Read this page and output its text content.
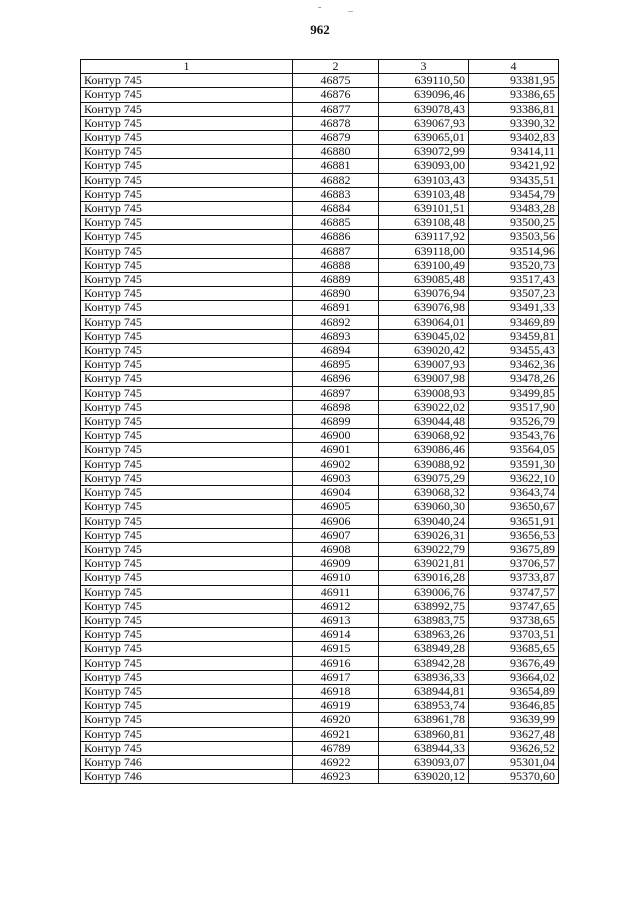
- _
962
1	2	3	4
Контур 745	46875	639110,50	93381,95
Контур 745	46876	639096,46	93386,65
Контур 745	46877	639078,43	93386,81
Контур 745	46878	639067,93	93390,32
Контур 745	46879	639065,01	93402,83
Контур 745	46880	639072,99	93414,11
Контур 745	46881	639093,00	93421,92
Контур 745	46882	639103,43	93435,51
Контур 745	46883	639103,48	93454,79
Контур 745	46884	639101,51	93483,28
Контур 745	46885	639108,48	93500,25
Контур 745	46886	639117,92	93503,56
Контур 745	46887	639118,00	93514,96
Контур 745	46888	639100,49	93520,73
Контур 745	46889	639085,48	93517,43
Контур 745	46890	639076,94	93507,23
Контур 745	46891	639076,98	93491,33
Контур 745	46892	639064,01	93469,89
Контур 745	46893	639045,02	93459,81
Контур 745	46894	639020,42	93455,43
Контур 745	46895	639007,93	93462,36
Контур 745	46896	639007,98	93478,26
Контур 745	46897	639008,93	93499,85
Контур 745	46898	639022,02	93517,90
Контур 745	46899	639044,48	93526,79
Контур 745	46900	639068,92	93543,76
Контур 745	46901	639086,46	93564,05
Контур 745	46902	639088,92	93591,30
Контур 745	46903	639075,29	93622,10
Контур 745	46904	639068,32	93643,74
Контур 745	46905	639060,30	93650,67
Контур 745	46906	639040,24	93651,91
Контур 745	46907	639026,31	93656,53
Контур 745	46908	639022,79	93675,89
Контур 745	46909	639021,81	93706,57
Контур 745	46910	639016,28	93733,87
Контур 745	46911	639006,76	93747,57
Контур 745	46912	638992,75	93747,65
Контур 745	46913	638983,75	93738,65
Контур 745	46914	638963,26	93703,51
Контур 745	46915	638949,28	93685,65
Контур 745	46916	638942,28	93676,49
Контур 745	46917	638936,33	93664,02
Контур 745	46918	638944,81	93654,89
Контур 745	46919	638953,74	93646,85
Контур 745	46920	638961,78	93639,99
Контур 745	46921	638960,81	93627,48
Контур 745	46789	638944,33	93626,52
Контур 746	46922	639093,07	95301,04
Контур 746	46923	639020,12	95370,60
